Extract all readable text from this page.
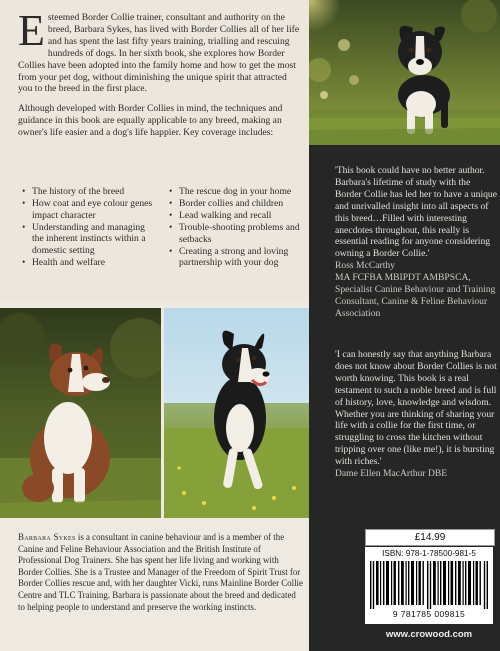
Esteemed Border Collie trainer, consultant and authority on the breed, Barbara Sykes, has lived with Border Collies all of her life and has spent the last fifty years training, trialling and rescuing hundreds of dogs. In her sixth book, she explores how Border Collies have been adopted into the family home and how to get the most from your pet dog, without diminishing the unique spirit that attracted you to the breed in the first place.

Although developed with Border Collies in mind, the techniques and guidance in this book are equally applicable to any breed, making an owner's life easier and a dog's life happier. Key coverage includes:

• The history of the breed
• How coat and eye colour genes impact character
• Understanding and managing the inherent instincts within a domestic setting
• Health and welfare
• The rescue dog in your home
• Border collies and children
• Lead walking and recall
• Trouble-shooting problems and setbacks
• Creating a strong and loving partnership with your dog

'This book could have no better author. Barbara's lifetime of study with the Border Collie has led her to have a unique and unrivalled insight into all aspects of this breed…Filled with interesting anecdotes throughout, this really is essential reading for anyone considering owning a Border Collie.'

Ross McCarthy

MA FCFBA MBIPDT AMBPSCA, Specialist Canine Behaviour and Training Consultant, Canine & Feline Behaviour Association

'I can honestly say that anything Barbara does not know about Border Collies is not worth knowing. This book is a real testament to such a noble breed and is full of history, love, knowledge and wisdom. Whether you are thinking of sharing your life with a collie for the first time, or struggling to cross the kitchen without tripping over one (like me!), it is bursting with riches.'

Dame Ellen MacArthur DBE

£14.99
ISBN: 978-1-78500-981-5
9 781785 009815
www.crowood.com

Barbara Sykes is a consultant in canine behaviour and is a member of the Canine and Feline Behaviour Association and the British Institute of Professional Dog Trainers. She has spent her life living and working with Border Collies. She is a Trustee and Manager of the Freedom of Spirit Trust for Border Collies rescue and, with her daughter Vicki, runs Mainline Border Collie Centre and TLC Training. Barbara is passionate about the breed and dedicated to helping people to understand and preserve the working instincts.
